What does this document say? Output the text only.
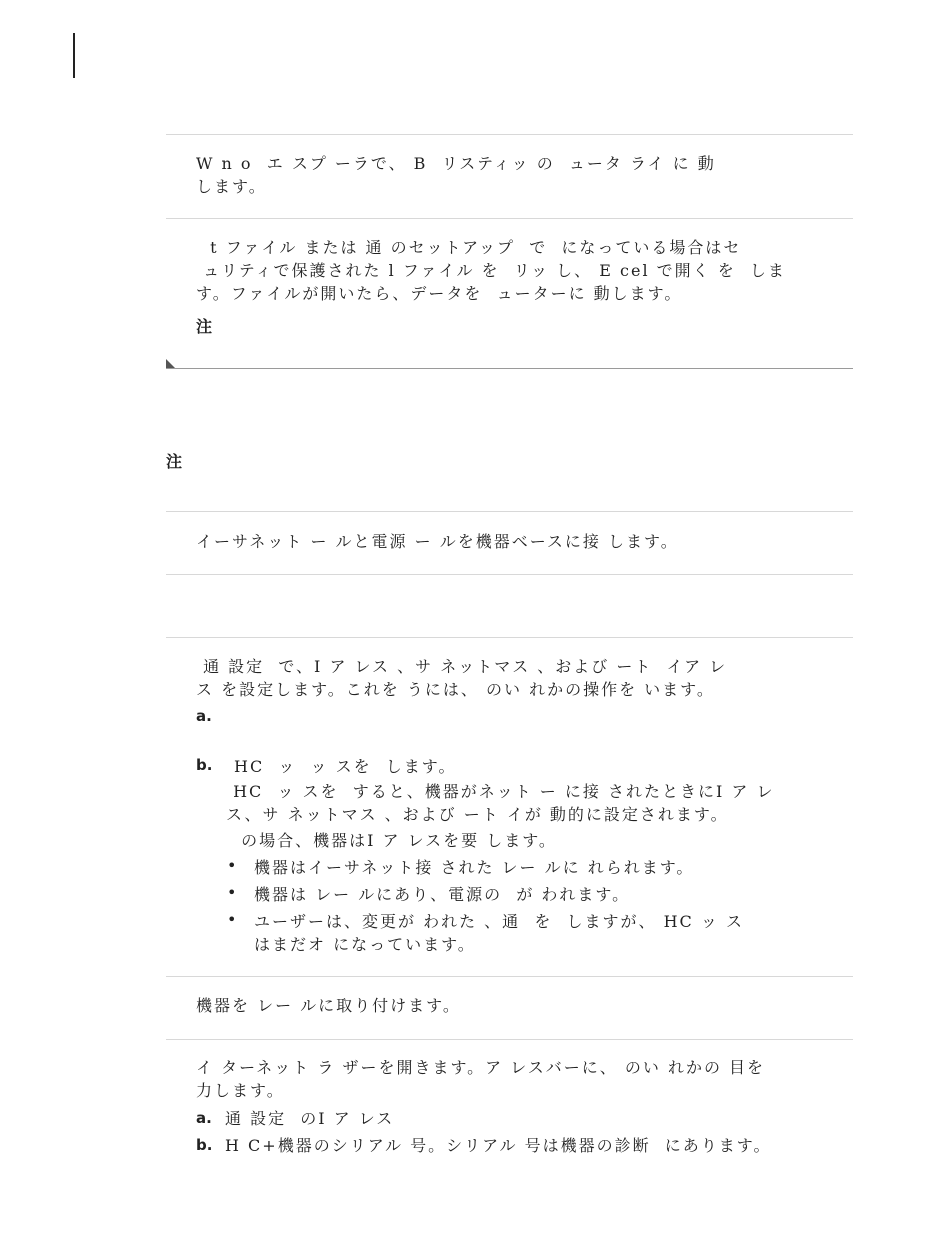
W n o  エ スプ ーラで、 B  リスティッ の  ュータ ライ に 動
します。
t ファイル または 通 のセットアップ  で  になっている場合はセ
ュリティで保護された l ファイル を  リッ し、 E cel で開く を  しま
す。ファイルが開いたら、データを  ューターに 動します。
注
注
イーサネット ー ルと電源 ー ルを機器ベースに接 します。
通 設定  で、I ア レス 、サ ネットマス 、および ート  イア レ
ス を設定します。これを うには、 のい れかの操作を います。
a.
b. HC  ッ  ッ スを  します。
HC  ッ スを  すると、機器がネット ー に接 されたときにI ア レ
ス、サ ネットマス 、および ート イが 動的に設定されます。
の場合、機器はI ア レスを要 します。
• 機器はイーサネット接 された レー ルに れられます。
• 機器は レー ルにあり、電源の  が われます。
• ユーザーは、変更が われた 、通  を  しますが、 HC ッ ス
はまだオ になっています。
機器を レー ルに取り付けます。
イ ターネット ラ ザーを開きます。ア レスバーに、 のい れかの 目を
力します。
a. 通 設定  のI ア レス
b. H C+機器のシリアル 号。シリアル 号は機器の診断  にあります。
